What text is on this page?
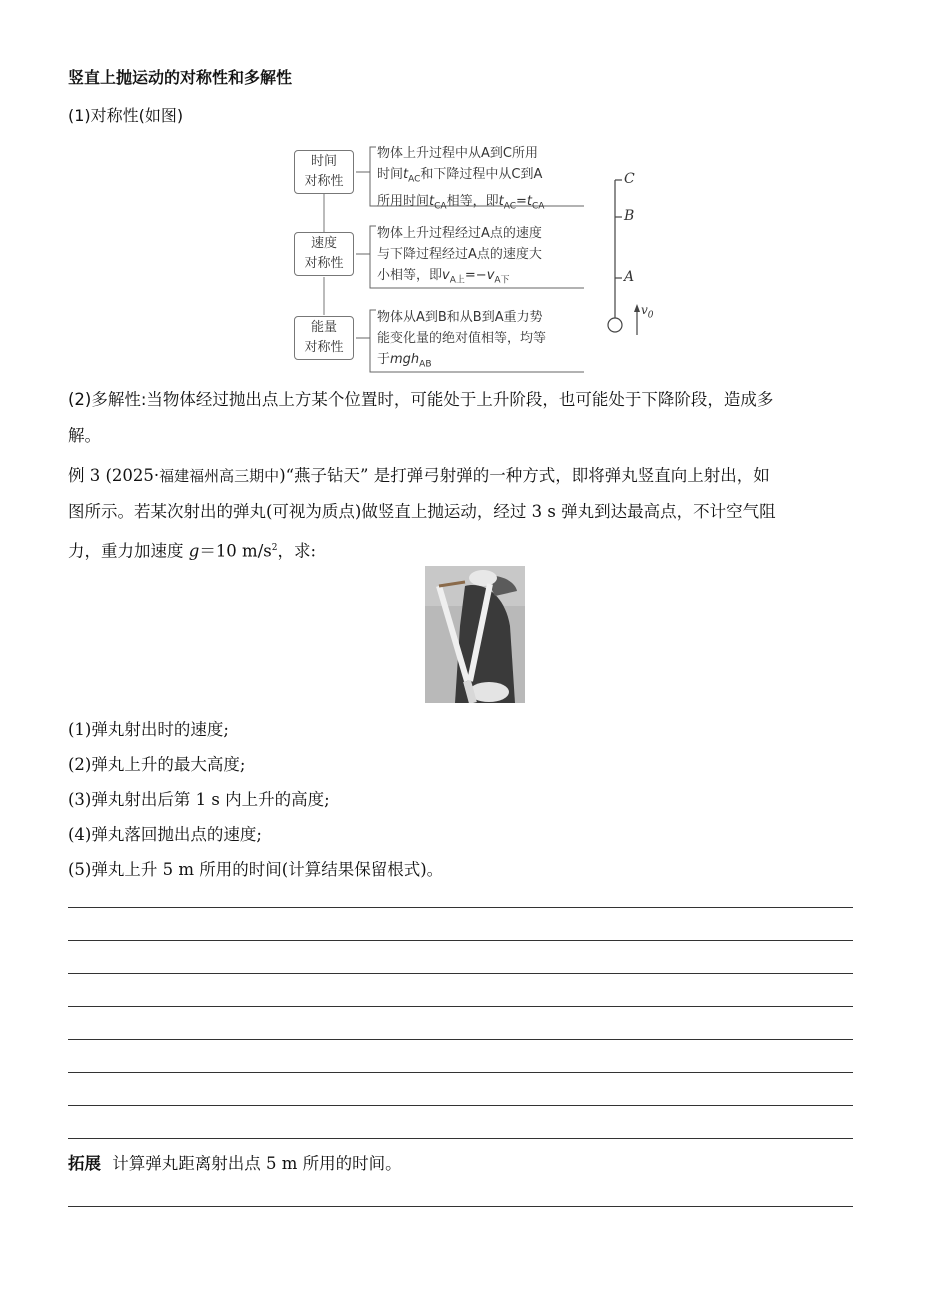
竖直上抛运动的对称性和多解性
(1)对称性(如图)
时间
对称性
速度
对称性
能量
对称性
物体上升过程中从A到C所用
时间$t_{AC}$和下降过程中从C到A
所用时间$t_{CA}$相等，即$t_{AC}=t_{CA}$
物体上升过程经过A点的速度
与下降过程经过A点的速度大
小相等，即$v_{A上}=-v_{A下}$
物体从A到B和从B到A重力势
能变化量的绝对值相等，均等
于mgh$_{AB}$
C
B
A
$v_0$
(2)多解性:当物体经过抛出点上方某个位置时，可能处于上升阶段，也可能处于下降阶段，造成多
解。
例 3 (2025·福建福州高三期中)“燕子钻天” 是打弹弓射弹的一种方式，即将弹丸竖直向上射出，如
图所示。若某次射出的弹丸(可视为质点)做竖直上抛运动，经过 3 s 弹丸到达最高点，不计空气阻
力，重力加速度 g＝10 $m/s^2$，求:
(1)弹丸射出时的速度;
(2)弹丸上升的最大高度;
(3)弹丸射出后第 1 s 内上升的高度;
(4)弹丸落回抛出点的速度;
(5)弹丸上升 5 m 所用的时间(计算结果保留根式)。
拓展 计算弹丸距离射出点 5 m 所用的时间。
